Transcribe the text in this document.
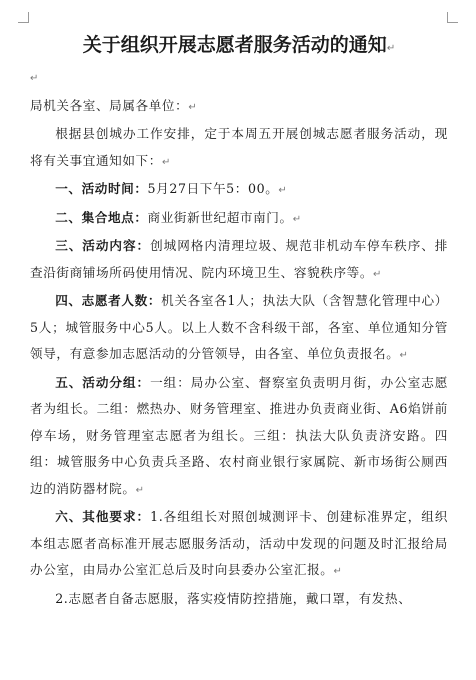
关于组织开展志愿者服务活动的通知↵
↵

局机关各室、局属各单位：↵

根据县创城办工作安排，定于本周五开展创城志愿者服务活动，现将有关事宜通知如下：↵

一、活动时间：5月27日下午5：00。↵

二、集合地点：商业街新世纪超市南门。↵

三、活动内容：创城网格内清理垃圾、规范非机动车停车秩序、排查沿街商铺场所码使用情况、院内环境卫生、容貌秩序等。↵

四、志愿者人数：机关各室各1人；执法大队（含智慧化管理中心）5人；城管服务中心5人。以上人数不含科级干部，各室、单位通知分管领导，有意参加志愿活动的分管领导，由各室、单位负责报名。↵

五、活动分组：一组：局办公室、督察室负责明月街，办公室志愿者为组长。二组：燃热办、财务管理室、推进办负责商业街、A6焰饼前停车场，财务管理室志愿者为组长。三组：执法大队负责济安路。四组：城管服务中心负责兵圣路、农村商业银行家属院、新市场街公厕西边的消防器材院。↵

六、其他要求：1.各组组长对照创城测评卡、创建标准界定，组织本组志愿者高标准开展志愿服务活动，活动中发现的问题及时汇报给局办公室，由局办公室汇总后及时向县委办公室汇报。↵

2.志愿者自备志愿服，落实疫情防控措施，戴口罩，有发热、
